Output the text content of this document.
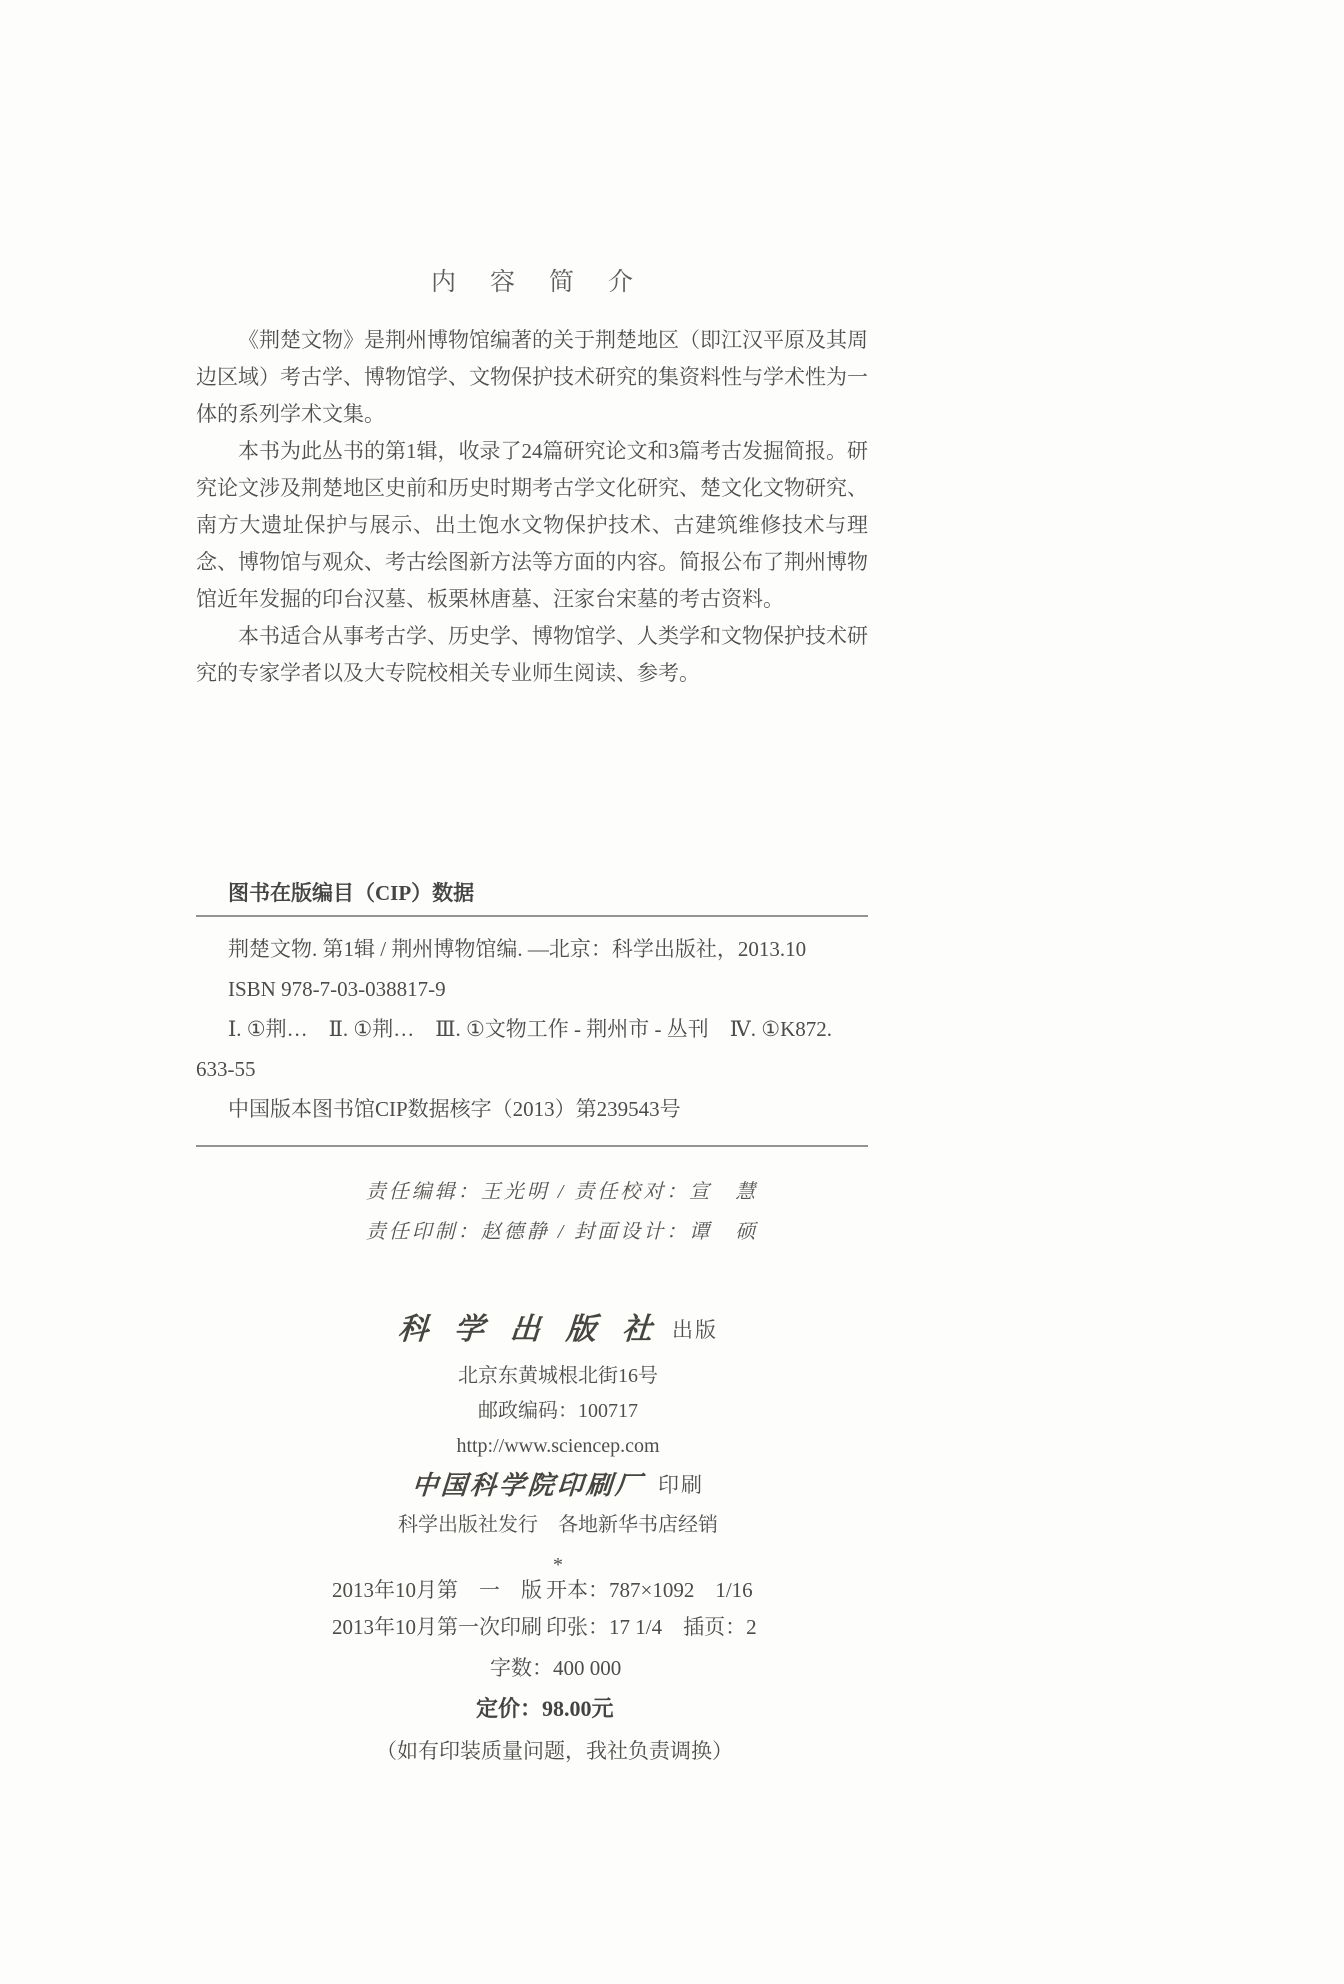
内容简介

《荆楚文物》是荆州博物馆编著的关于荆楚地区（即江汉平原及其周边区域）考古学、博物馆学、文物保护技术研究的集资料性与学术性为一体的系列学术文集。

本书为此丛书的第1辑，收录了24篇研究论文和3篇考古发掘简报。研究论文涉及荆楚地区史前和历史时期考古学文化研究、楚文化文物研究、南方大遗址保护与展示、出土饱水文物保护技术、古建筑维修技术与理念、博物馆与观众、考古绘图新方法等方面的内容。简报公布了荆州博物馆近年发掘的印台汉墓、板栗林唐墓、汪家台宋墓的考古资料。

本书适合从事考古学、历史学、博物馆学、人类学和文物保护技术研究的专家学者以及大专院校相关专业师生阅读、参考。

图书在版编目（CIP）数据

荆楚文物. 第1辑 / 荆州博物馆编. —北京：科学出版社，2013.10

ISBN 978-7-03-038817-9

Ⅰ. ①荆…　Ⅱ. ①荆…　Ⅲ. ①文物工作 - 荆州市 - 丛刊　Ⅳ. ①K872.

633-55

中国版本图书馆CIP数据核字（2013）第239543号

责任编辑：王光明 / 责任校对：宣　慧

责任印制：赵德静 / 封面设计：谭　硕

科学出版社出版

北京东黄城根北街16号

邮政编码：100717

http://www.sciencep.com

中国科学院印刷厂 印刷

科学出版社发行　各地新华书店经销

*

2013年10月第　一　版 开本：787×1092　1/16
2013年10月第一次印刷 印张：17 1/4　插页：2

字数：400 000

定价：98.00元

（如有印装质量问题，我社负责调换）
